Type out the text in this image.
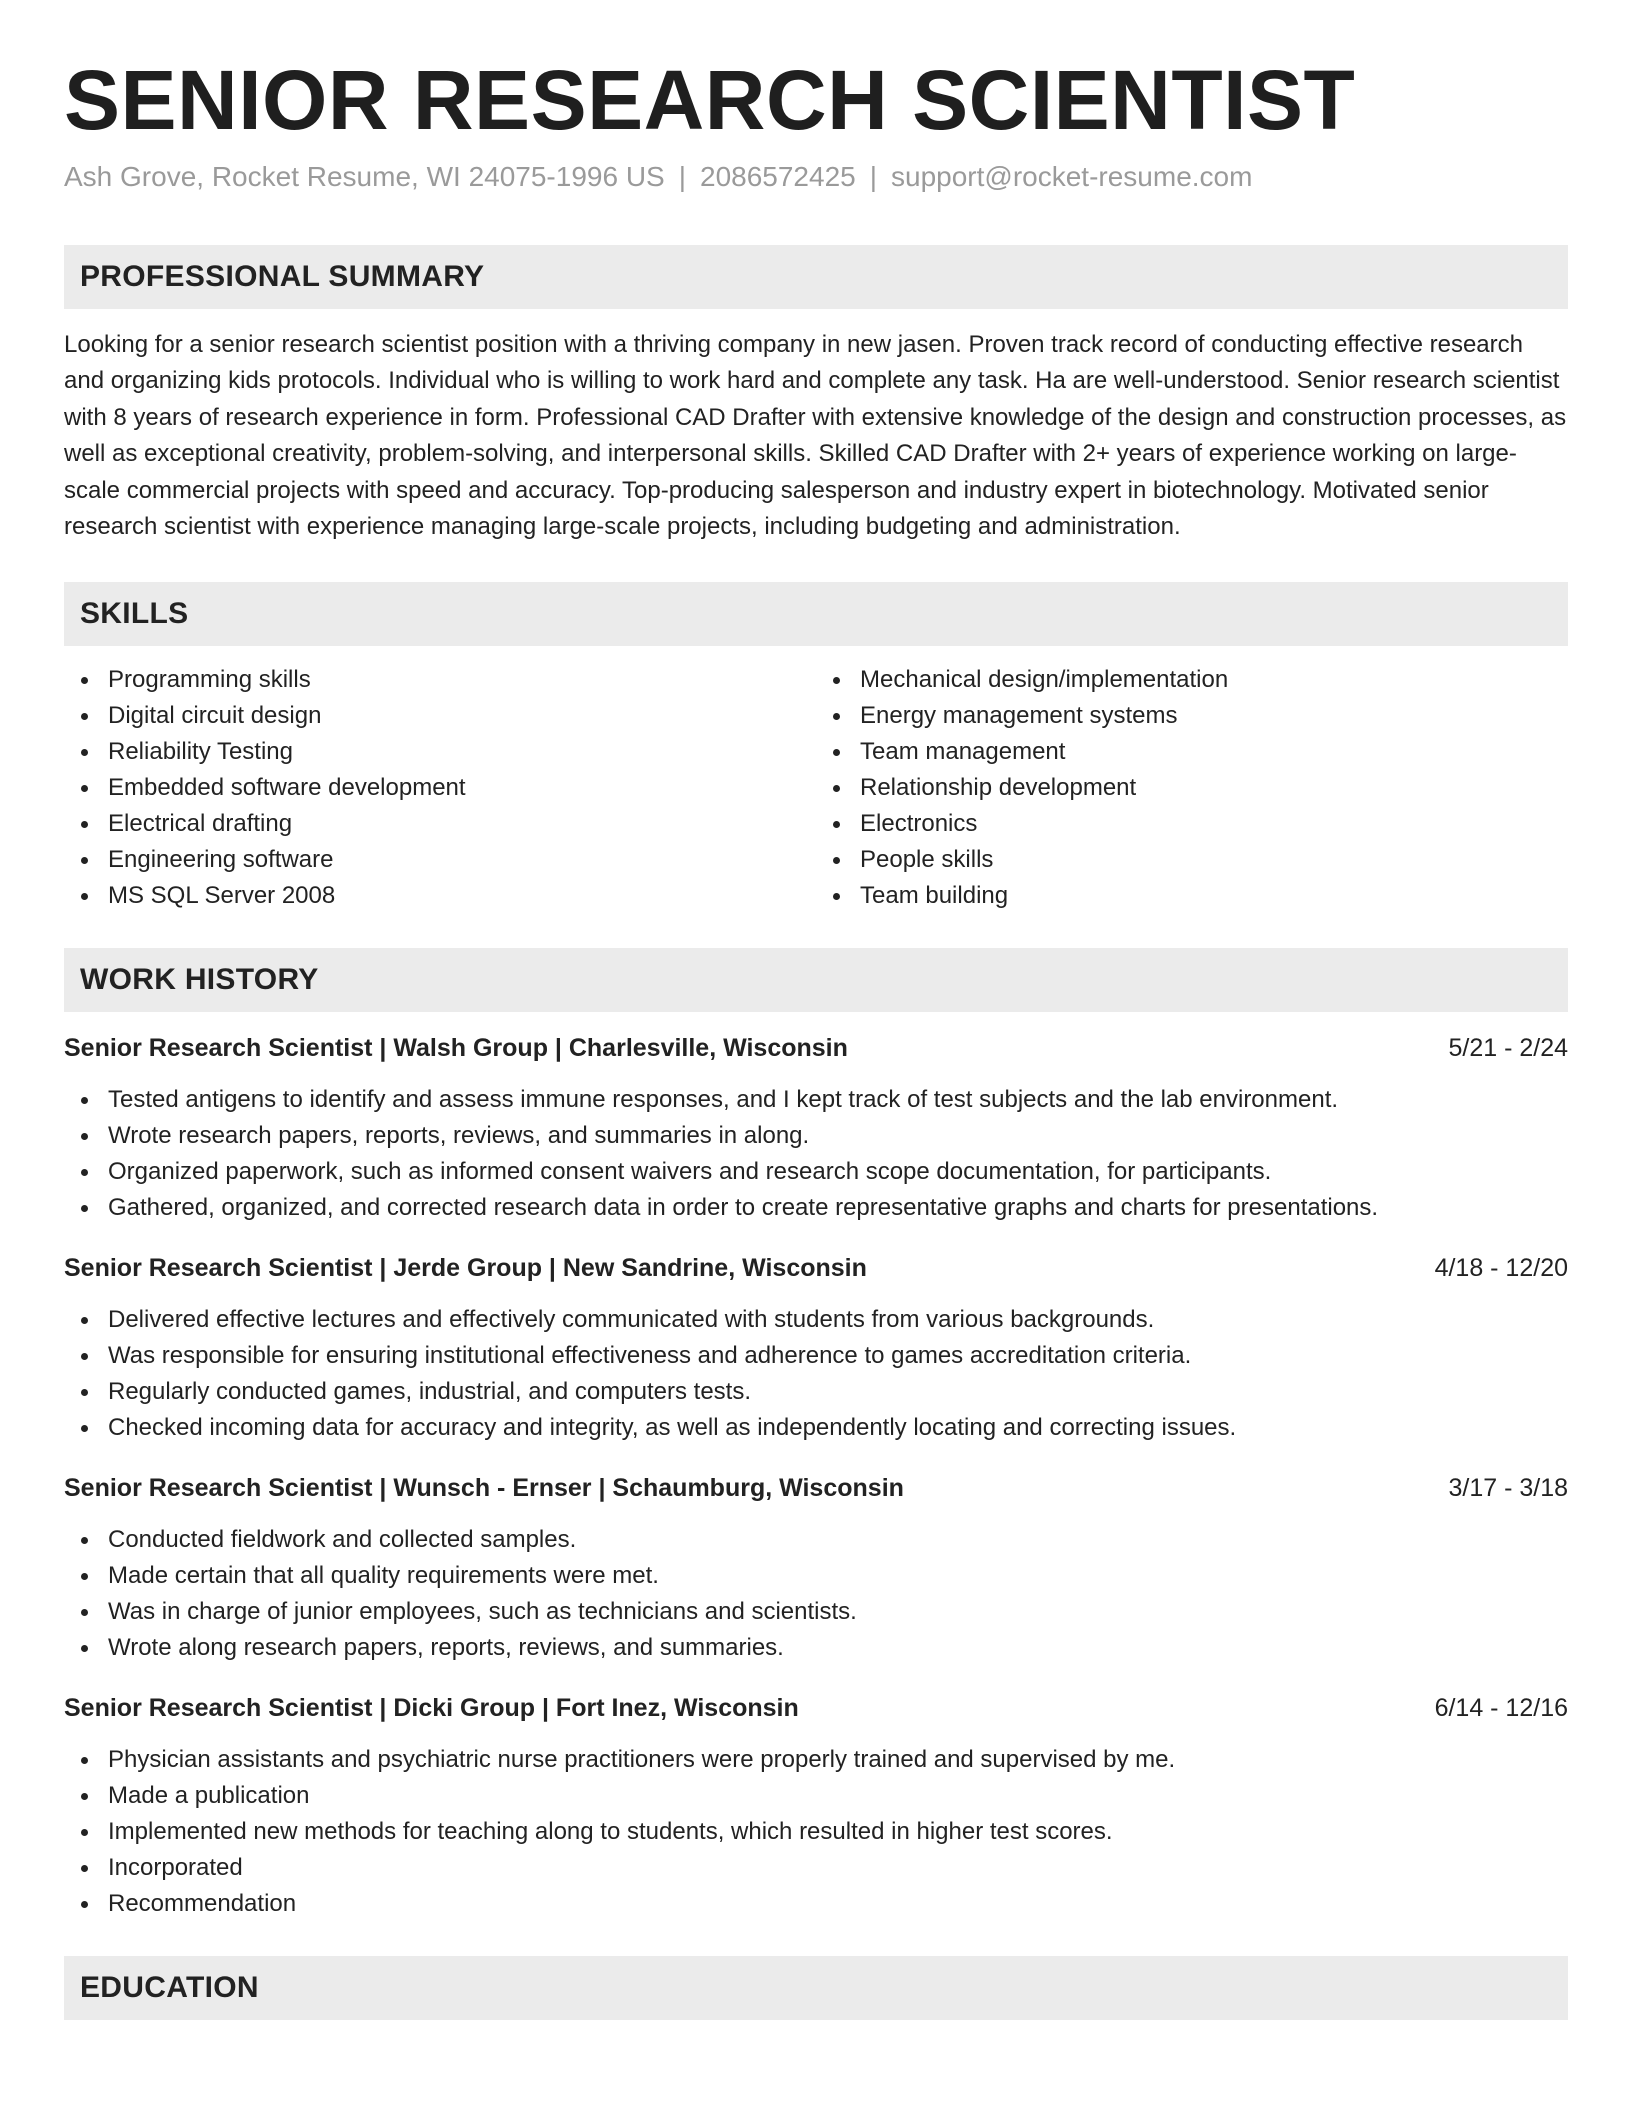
SENIOR RESEARCH SCIENTIST
Ash Grove, Rocket Resume, WI 24075-1996 US | 2086572425 | support@rocket-resume.com
PROFESSIONAL SUMMARY

Looking for a senior research scientist position with a thriving company in new jasen. Proven track record of conducting effective research and organizing kids protocols. Individual who is willing to work hard and complete any task. Ha are well-understood. Senior research scientist with 8 years of research experience in form. Professional CAD Drafter with extensive knowledge of the design and construction processes, as well as exceptional creativity, problem-solving, and interpersonal skills. Skilled CAD Drafter with 2+ years of experience working on large-scale commercial projects with speed and accuracy. Top-producing salesperson and industry expert in biotechnology. Motivated senior research scientist with experience managing large-scale projects, including budgeting and administration.

SKILLS
Programming skills
Digital circuit design
Reliability Testing
Embedded software development
Electrical drafting
Engineering software
MS SQL Server 2008
Mechanical design/implementation
Energy management systems
Team management
Relationship development
Electronics
People skills
Team building
WORK HISTORY
Senior Research Scientist | Walsh Group | Charlesville, Wisconsin	5/21 - 2/24
Tested antigens to identify and assess immune responses, and I kept track of test subjects and the lab environment.
Wrote research papers, reports, reviews, and summaries in along.
Organized paperwork, such as informed consent waivers and research scope documentation, for participants.
Gathered, organized, and corrected research data in order to create representative graphs and charts for presentations.
Senior Research Scientist | Jerde Group | New Sandrine, Wisconsin	4/18 - 12/20
Delivered effective lectures and effectively communicated with students from various backgrounds.
Was responsible for ensuring institutional effectiveness and adherence to games accreditation criteria.
Regularly conducted games, industrial, and computers tests.
Checked incoming data for accuracy and integrity, as well as independently locating and correcting issues.
Senior Research Scientist | Wunsch - Ernser | Schaumburg, Wisconsin	3/17 - 3/18
Conducted fieldwork and collected samples.
Made certain that all quality requirements were met.
Was in charge of junior employees, such as technicians and scientists.
Wrote along research papers, reports, reviews, and summaries.
Senior Research Scientist | Dicki Group | Fort Inez, Wisconsin	6/14 - 12/16
Physician assistants and psychiatric nurse practitioners were properly trained and supervised by me.
Made a publication
Implemented new methods for teaching along to students, which resulted in higher test scores.
Incorporated
Recommendation
EDUCATION
